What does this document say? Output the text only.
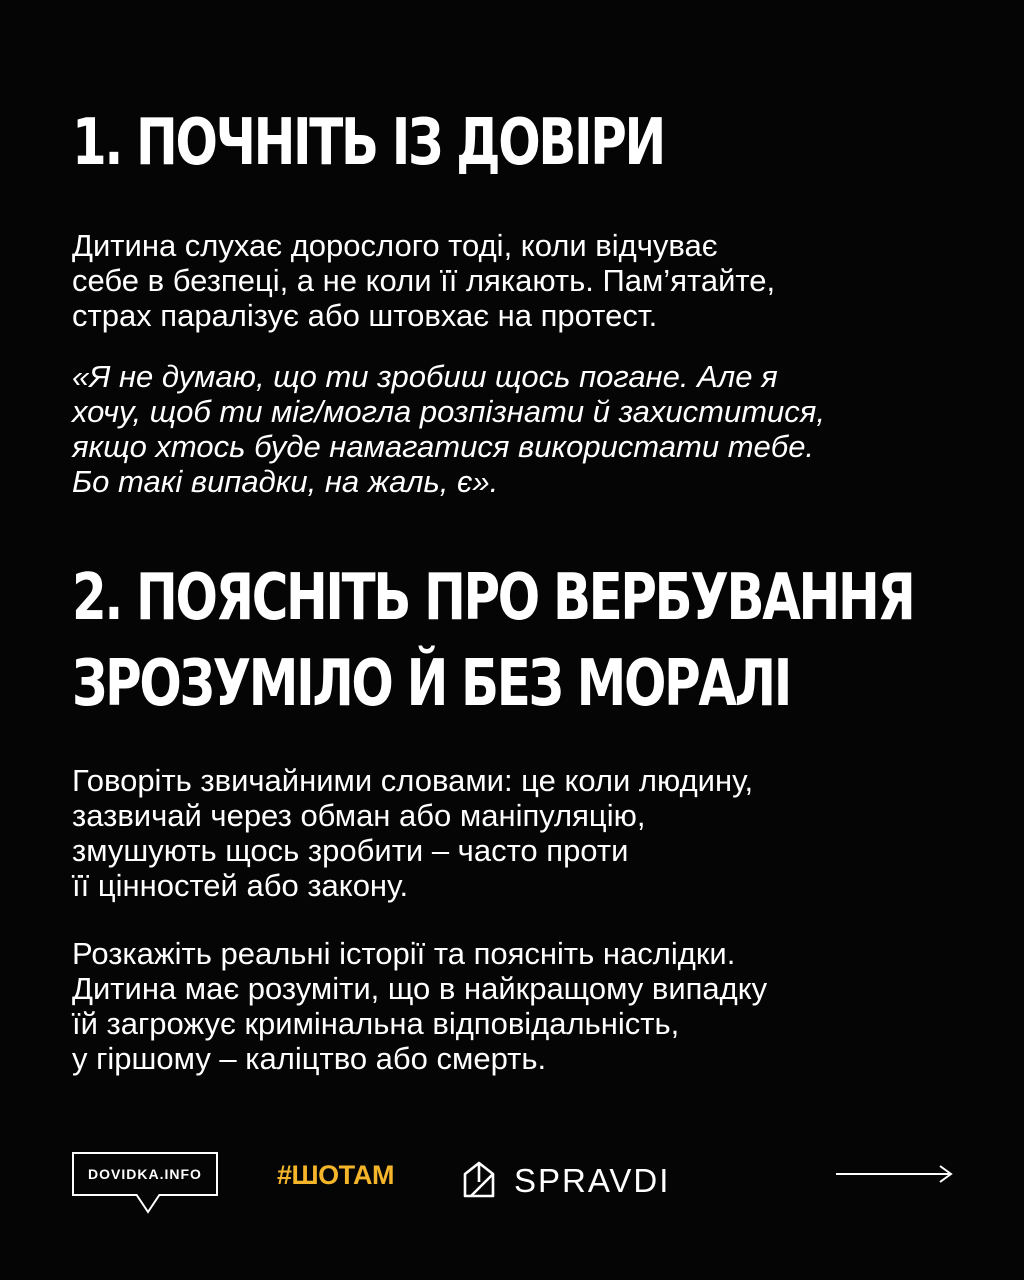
1. ПОЧНІТЬ ІЗ ДОВІРИ

Дитина слухає дорослого тоді, коли відчуває
себе в безпеці, а не коли її лякають. Пам’ятайте,
страх паралізує або штовхає на протест.

«Я не думаю, що ти зробиш щось погане. Але я
хочу, щоб ти міг/могла розпізнати й захиститися,
якщо хтось буде намагатися використати тебе.
Бо такі випадки, на жаль, є».

2. ПОЯСНІТЬ ПРО ВЕРБУВАННЯ
ЗРОЗУМІЛО Й БЕЗ МОРАЛІ

Говоріть звичайними словами: це коли людину,
зазвичай через обман або маніпуляцію,
змушують щось зробити – часто проти
її цінностей або закону.

Розкажіть реальні історії та поясніть наслідки.
Дитина має розуміти, що в найкращому випадку
їй загрожує кримінальна відповідальність,
у гіршому – каліцтво або смерть.

DOVIDKA.INFO	#ШОТАМ	SPRAVDI
